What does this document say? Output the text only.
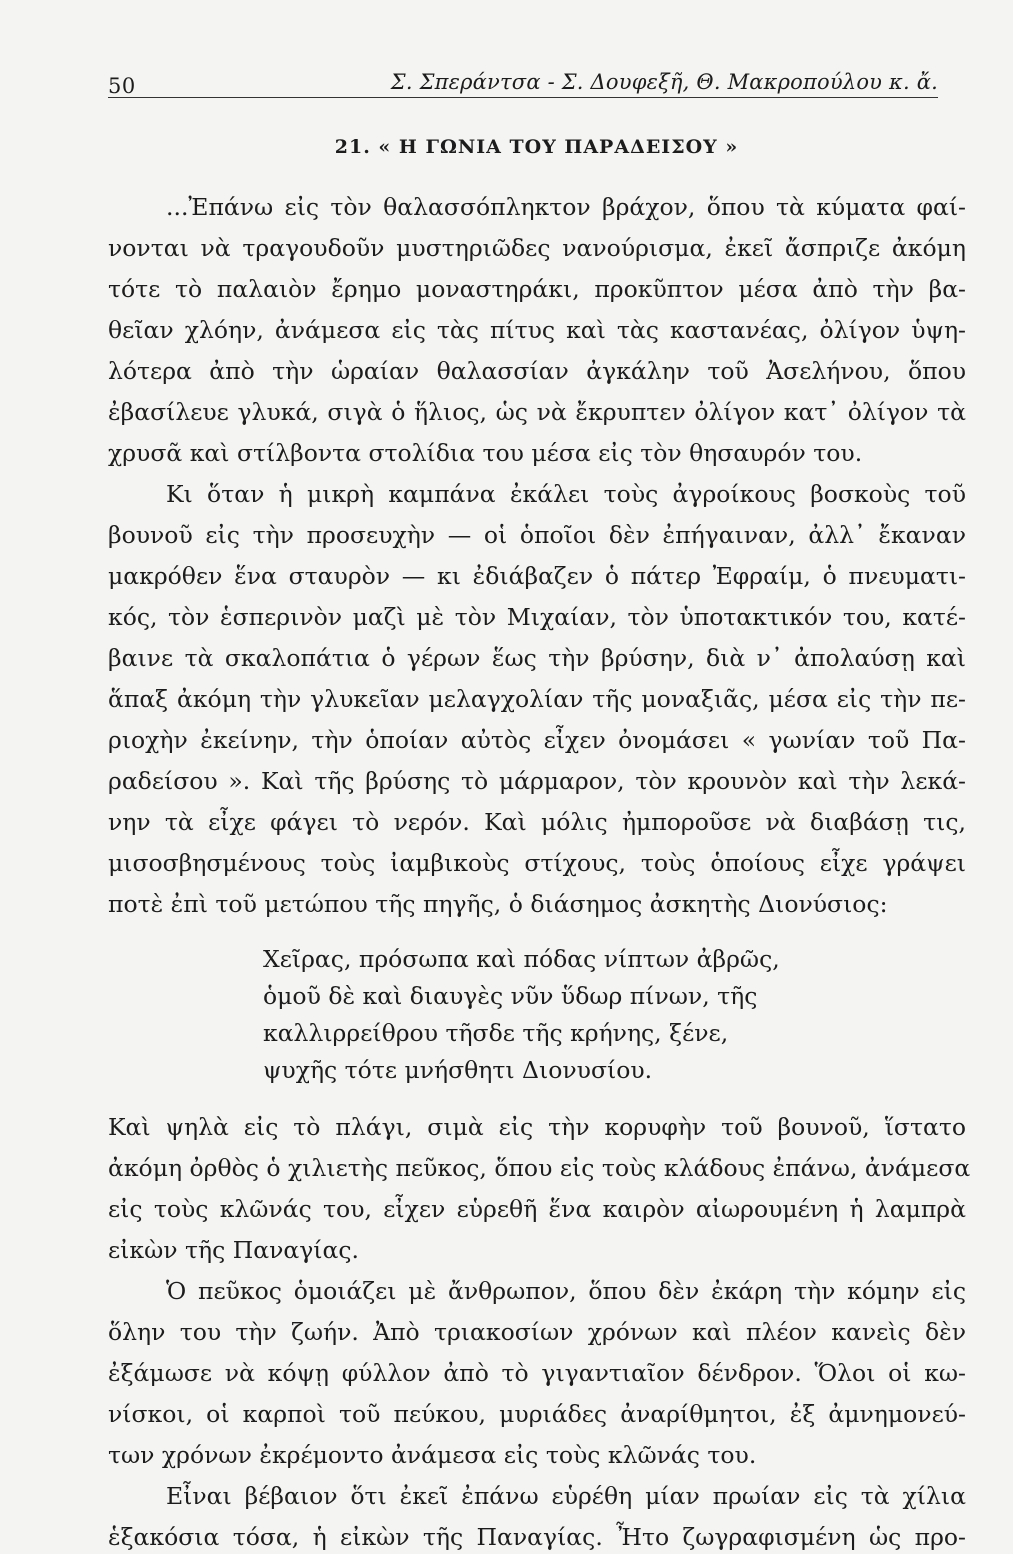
50	Σ. Σπεράντσα - Σ. Δουφεξῆ, Θ. Μακροπούλου κ. ἄ.
21. « Η ΓΩΝΙΑ ΤΟΥ ΠΑΡΑΔΕΙΣΟΥ »
...Ἐπάνω εἰς τὸν θαλασσόπληκτον βράχον, ὅπου τὰ κύματα φαί-
νονται νὰ τραγουδοῦν μυστηριῶδες νανούρισμα, ἐκεῖ ἄσπριζε ἀκόμη
τότε τὸ παλαιὸν ἔρημο μοναστηράκι, προκῦπτον μέσα ἀπὸ τὴν βα-
θεῖαν χλόην, ἀνάμεσα εἰς τὰς πίτυς καὶ τὰς καστανέας, ὀλίγον ὑψη-
λότερα ἀπὸ τὴν ὡραίαν θαλασσίαν ἀγκάλην τοῦ Ἀσελήνου, ὅπου
ἐβασίλευε γλυκά, σιγὰ ὁ ἥλιος, ὡς νὰ ἔκρυπτεν ὀλίγον κατ᾽ ὀλίγον τὰ
χρυσᾶ καὶ στίλβοντα στολίδια του μέσα εἰς τὸν θησαυρόν του.
Κι ὅταν ἡ μικρὴ καμπάνα ἐκάλει τοὺς ἀγροίκους βοσκοὺς τοῦ
βουνοῦ εἰς τὴν προσευχὴν — οἱ ὁποῖοι δὲν ἐπήγαιναν, ἀλλ᾽ ἔκαναν
μακρόθεν ἕνα σταυρὸν — κι ἐδιάβαζεν ὁ πάτερ Ἐφραίμ, ὁ πνευματι-
κός, τὸν ἑσπερινὸν μαζὶ μὲ τὸν Μιχαίαν, τὸν ὑποτακτικόν του, κατέ-
βαινε τὰ σκαλοπάτια ὁ γέρων ἕως τὴν βρύσην, διὰ ν᾽ ἀπολαύσῃ καὶ
ἅπαξ ἀκόμη τὴν γλυκεῖαν μελαγχολίαν τῆς μοναξιᾶς, μέσα εἰς τὴν πε-
ριοχὴν ἐκείνην, τὴν ὁποίαν αὐτὸς εἶχεν ὀνομάσει « γωνίαν τοῦ Πα-
ραδείσου ». Καὶ τῆς βρύσης τὸ μάρμαρον, τὸν κρουνὸν καὶ τὴν λεκά-
νην τὰ εἶχε φάγει τὸ νερόν. Καὶ μόλις ἠμποροῦσε νὰ διαβάσῃ τις,
μισοσβησμένους τοὺς ἰαμβικοὺς στίχους, τοὺς ὁποίους εἶχε γράψει
ποτὲ ἐπὶ τοῦ μετώπου τῆς πηγῆς, ὁ διάσημος ἀσκητὴς Διονύσιος:
Χεῖρας, πρόσωπα καὶ πόδας νίπτων ἀβρῶς,
ὁμοῦ δὲ καὶ διαυγὲς νῦν ὕδωρ πίνων, τῆς
καλλιρρείθρου τῆσδε τῆς κρήνης, ξένε,
ψυχῆς τότε μνήσθητι Διονυσίου.
Καὶ ψηλὰ εἰς τὸ πλάγι, σιμὰ εἰς τὴν κορυφὴν τοῦ βουνοῦ, ἵστατο
ἀκόμη ὀρθὸς ὁ χιλιετὴς πεῦκος, ὅπου εἰς τοὺς κλάδους ἐπάνω, ἀνάμεσα
εἰς τοὺς κλῶνάς του, εἶχεν εὑρεθῆ ἕνα καιρὸν αἰωρουμένη ἡ λαμπρὰ
εἰκὼν τῆς Παναγίας.
Ὁ πεῦκος ὁμοιάζει μὲ ἄνθρωπον, ὅπου δὲν ἐκάρη τὴν κόμην εἰς
ὅλην του τὴν ζωήν. Ἀπὸ τριακοσίων χρόνων καὶ πλέον κανεὶς δὲν
ἐξάμωσε νὰ κόψῃ φύλλον ἀπὸ τὸ γιγαντιαῖον δένδρον. Ὅλοι οἱ κω-
νίσκοι, οἱ καρποὶ τοῦ πεύκου, μυριάδες ἀναρίθμητοι, ἐξ ἀμνημονεύ-
των χρόνων ἐκρέμοντο ἀνάμεσα εἰς τοὺς κλῶνάς του.
Εἶναι βέβαιον ὅτι ἐκεῖ ἐπάνω εὑρέθη μίαν πρωίαν εἰς τὰ χίλια
ἑξακόσια τόσα, ἡ εἰκὼν τῆς Παναγίας. Ἦτο ζωγραφισμένη ὡς προ-
